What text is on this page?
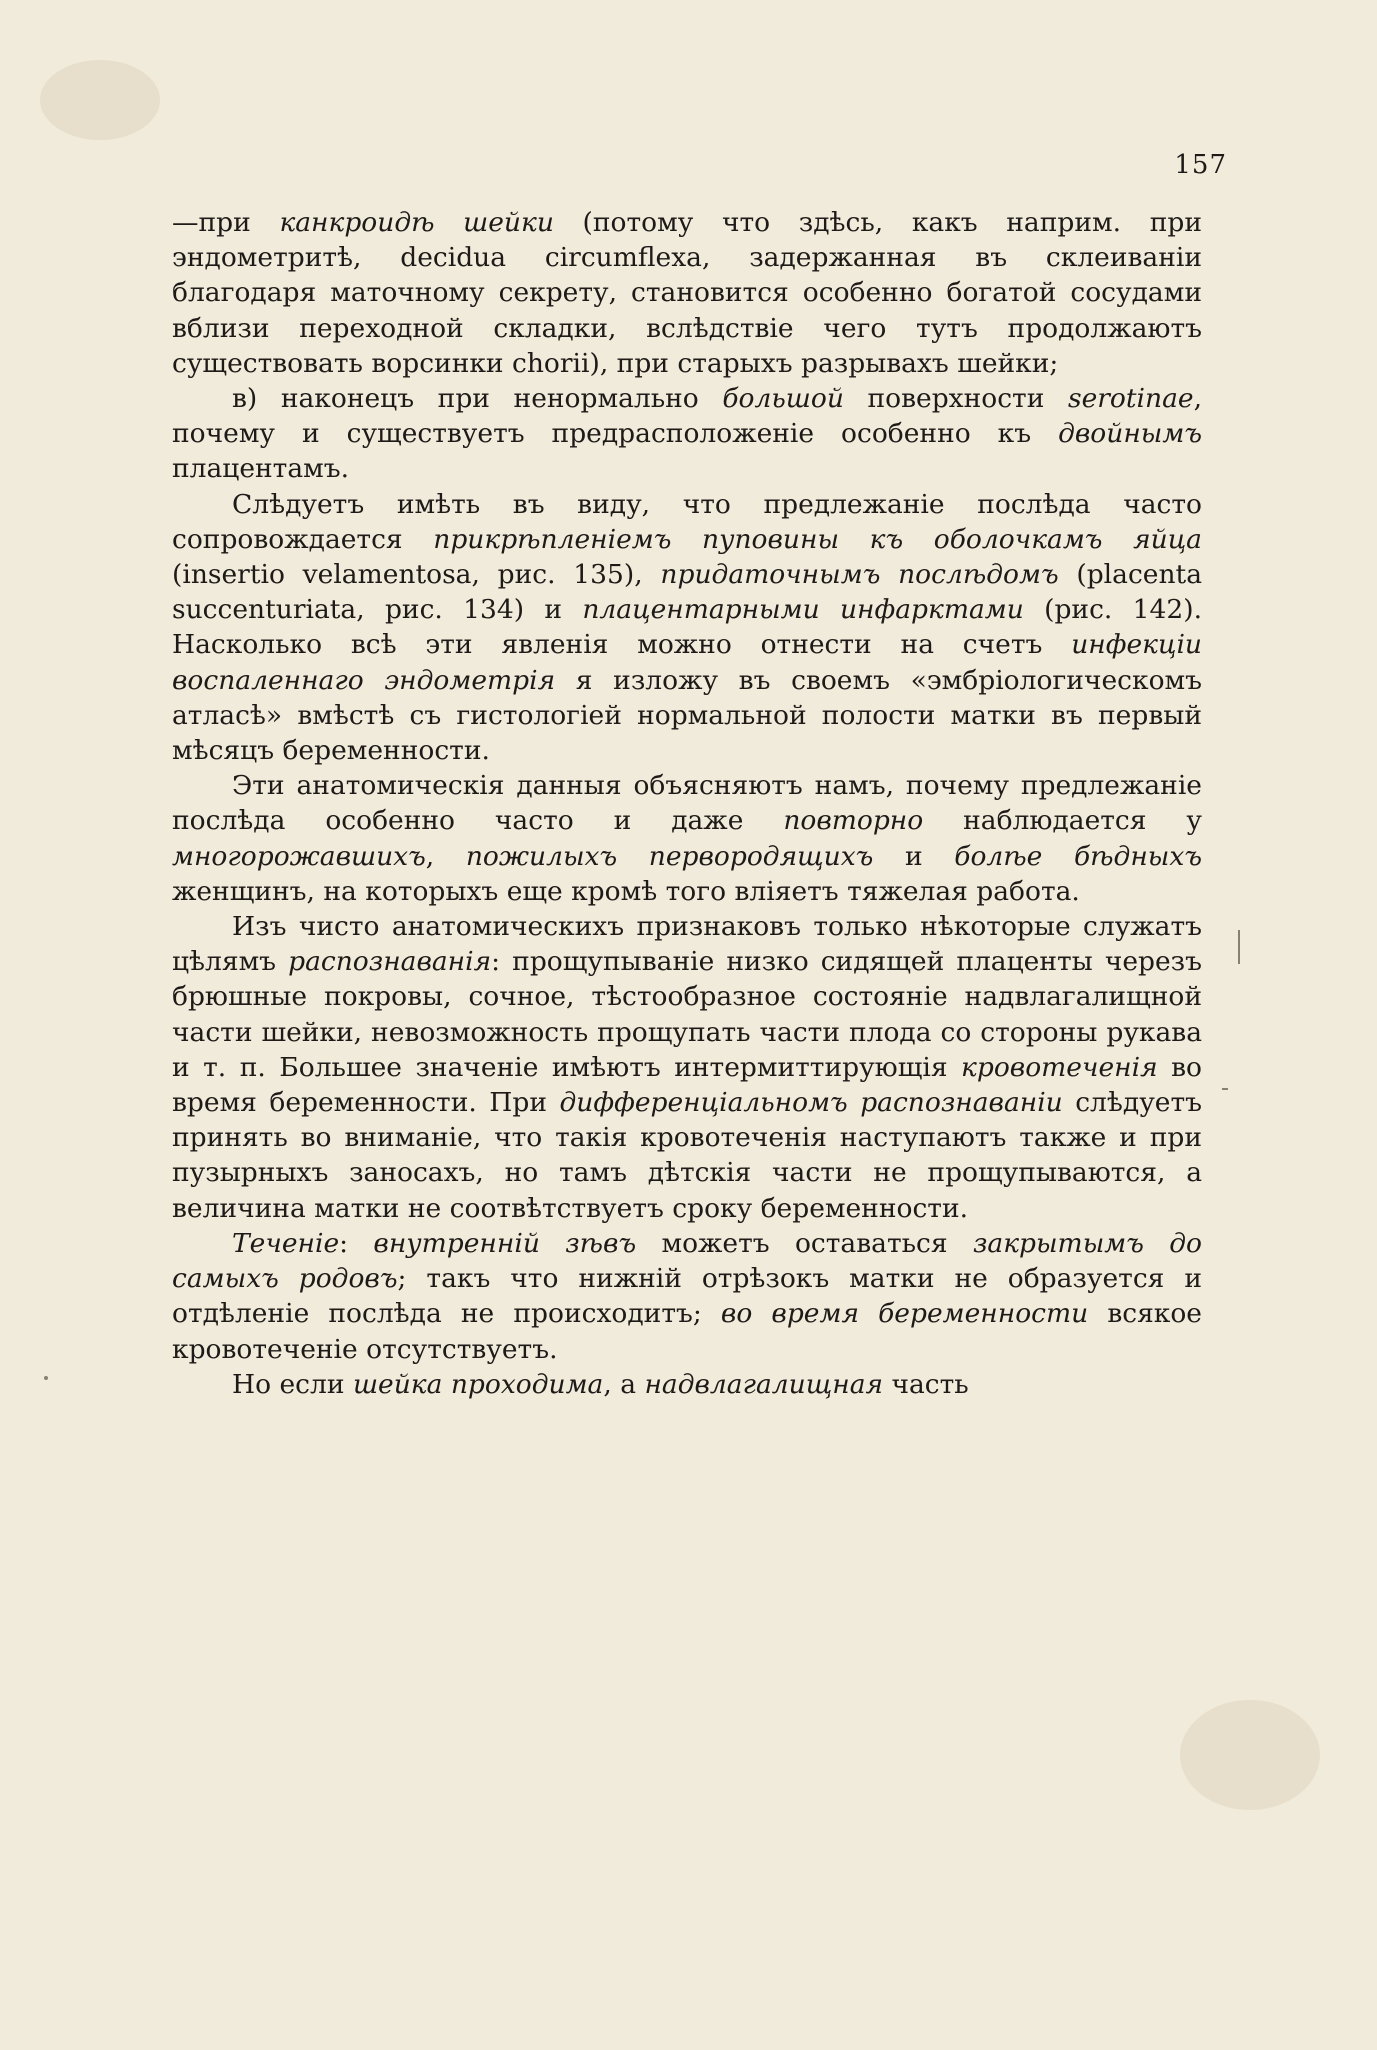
157

—при канкроидѣ шейки (потому что здѣсь, какъ наприм. при эндометритѣ, decidua circumflexa, задержанная въ склеиваніи благодаря маточному секрету, становится особенно богатой сосудами вблизи переходной складки, вслѣдствіе чего тутъ продолжаютъ существовать ворсинки chorii), при старыхъ разрывахъ шейки;

в) наконецъ при ненормально большой поверхности serotinae, почему и существуетъ предрасположеніе особенно къ двойнымъ плацентамъ.

Слѣдуетъ имѣть въ виду, что предлежаніе послѣда часто сопровождается прикрѣпленіемъ пуповины къ оболочкамъ яйца (insertio velamentosa, рис. 135), придаточнымъ послѣдомъ (placenta succenturiata, рис. 134) и плацентарными инфарктами (рис. 142). Насколько всѣ эти явленія можно отнести на счетъ инфекціи воспаленнаго эндометрія я изложу въ своемъ «эмбріологическомъ атласѣ» вмѣстѣ съ гистологіей нормальной полости матки въ первый мѣсяцъ беременности.

Эти анатомическія данныя объясняютъ намъ, почему предлежаніе послѣда особенно часто и даже повторно наблюдается у многорожавшихъ, пожилыхъ первородящихъ и болѣе бѣдныхъ женщинъ, на которыхъ еще кромѣ того вліяетъ тяжелая работа.

Изъ чисто анатомическихъ признаковъ только нѣкоторые служатъ цѣлямъ распознаванія: прощупываніе низко сидящей плаценты черезъ брюшные покровы, сочное, тѣстообразное состояніе надвлагалищной части шейки, невозможность прощупать части плода со стороны рукава и т. п. Большее значеніе имѣютъ интермиттирующія кровотеченія во время беременности. При дифференціальномъ распознаваніи слѣдуетъ принять во вниманіе, что такія кровотеченія наступаютъ также и при пузырныхъ заносахъ, но тамъ дѣтскія части не прощупываются, а величина матки не соотвѣтствуетъ сроку беременности.

Теченіе: внутренній зѣвъ можетъ оставаться закрытымъ до самыхъ родовъ; такъ что нижній отрѣзокъ матки не образуется и отдѣленіе послѣда не происходитъ; во время беременности всякое кровотеченіе отсутствуетъ.

Но если шейка проходима, а надвлагалищная часть
